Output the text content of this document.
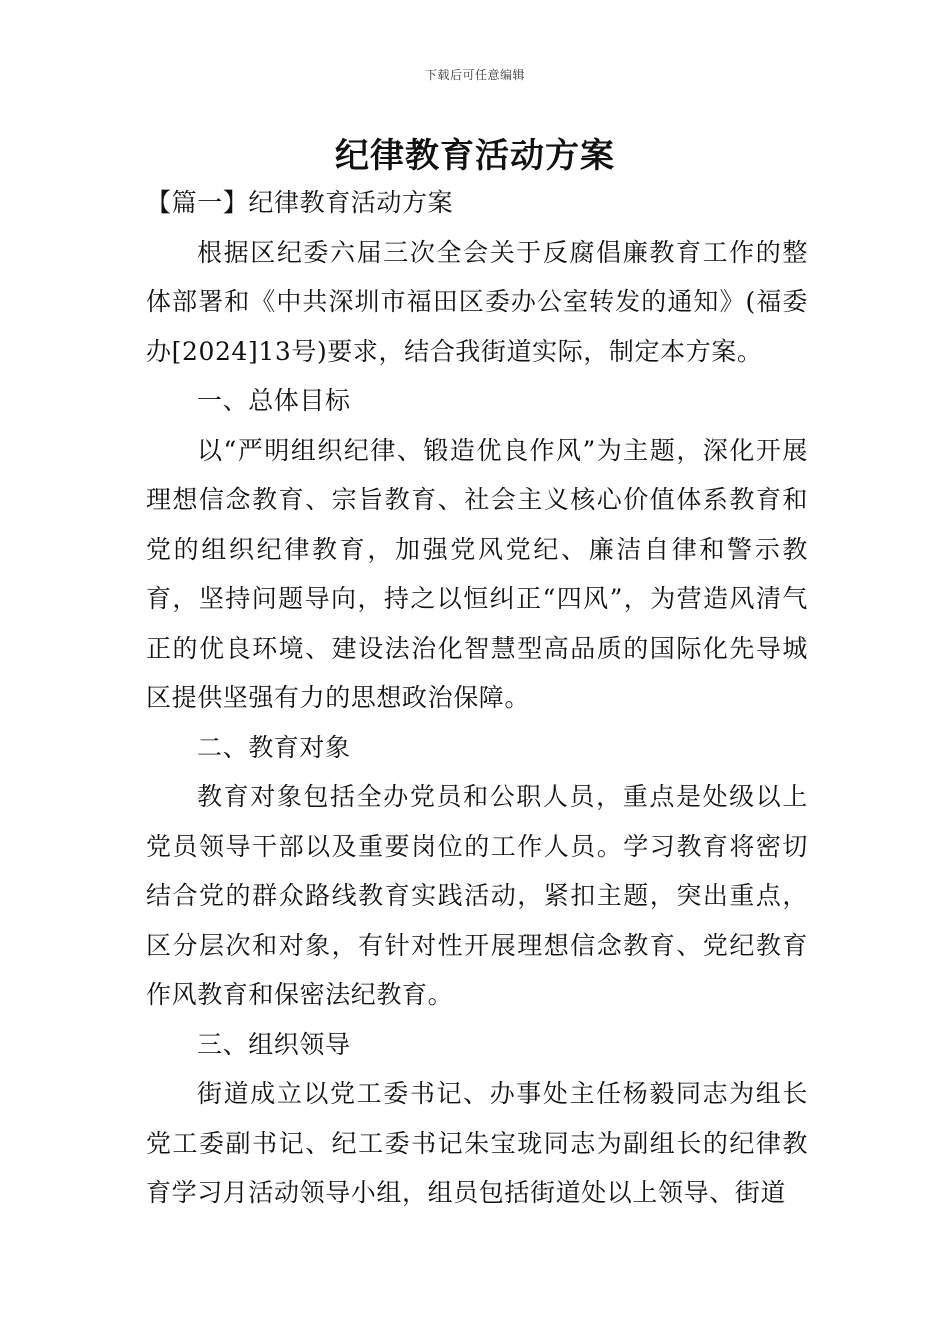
下载后可任意编辑
纪律教育活动方案

【篇一】纪律教育活动方案

根据区纪委六届三次全会关于反腐倡廉教育工作的整体部署和《中共深圳市福田区委办公室转发的通知》(福委办[2024]13号)要求，结合我街道实际，制定本方案。

一、总体目标

以“严明组织纪律、锻造优良作风”为主题，深化开展理想信念教育、宗旨教育、社会主义核心价值体系教育和党的组织纪律教育，加强党风党纪、廉洁自律和警示教育，坚持问题导向，持之以恒纠正“四风”，为营造风清气正的优良环境、建设法治化智慧型高品质的国际化先导城区提供坚强有力的思想政治保障。

二、教育对象

教育对象包括全办党员和公职人员，重点是处级以上党员领导干部以及重要岗位的工作人员。学习教育将密切结合党的群众路线教育实践活动，紧扣主题，突出重点，区分层次和对象，有针对性开展理想信念教育、党纪教育作风教育和保密法纪教育。

三、组织领导

街道成立以党工委书记、办事处主任杨毅同志为组长党工委副书记、纪工委书记朱宝珑同志为副组长的纪律教育学习月活动领导小组，组员包括街道处以上领导、街道
